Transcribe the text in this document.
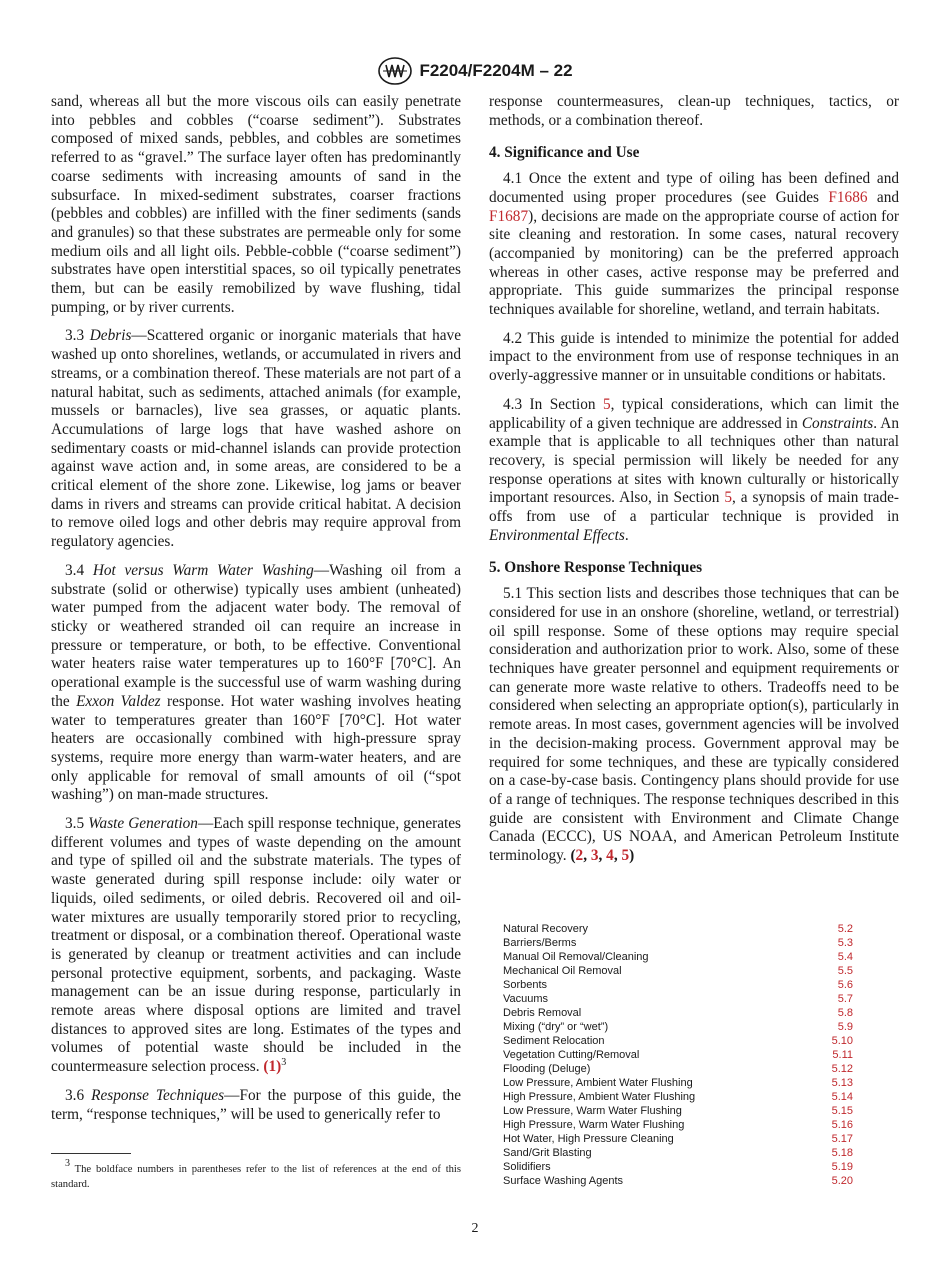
F2204/F2204M – 22

sand, whereas all but the more viscous oils can easily penetrate into pebbles and cobbles (“coarse sediment”). Substrates composed of mixed sands, pebbles, and cobbles are sometimes referred to as “gravel.” The surface layer often has predominantly coarse sediments with increasing amounts of sand in the subsurface. In mixed-sediment substrates, coarser fractions (pebbles and cobbles) are infilled with the finer sediments (sands and granules) so that these substrates are permeable only for some medium oils and all light oils. Pebble-cobble (“coarse sediment”) substrates have open interstitial spaces, so oil typically penetrates them, but can be easily remobilized by wave flushing, tidal pumping, or by river currents.

3.3 Debris—Scattered organic or inorganic materials that have washed up onto shorelines, wetlands, or accumulated in rivers and streams, or a combination thereof. These materials are not part of a natural habitat, such as sediments, attached animals (for example, mussels or barnacles), live sea grasses, or aquatic plants. Accumulations of large logs that have washed ashore on sedimentary coasts or mid-channel islands can provide protection against wave action and, in some areas, are considered to be a critical element of the shore zone. Likewise, log jams or beaver dams in rivers and streams can provide critical habitat. A decision to remove oiled logs and other debris may require approval from regulatory agencies.

3.4 Hot versus Warm Water Washing—Washing oil from a substrate (solid or otherwise) typically uses ambient (unheated) water pumped from the adjacent water body. The removal of sticky or weathered stranded oil can require an increase in pressure or temperature, or both, to be effective. Conventional water heaters raise water temperatures up to 160°F [70°C]. An operational example is the successful use of warm washing during the Exxon Valdez response. Hot water washing involves heating water to temperatures greater than 160°F [70°C]. Hot water heaters are occasionally combined with high-pressure spray systems, require more energy than warm-water heaters, and are only applicable for removal of small amounts of oil (“spot washing”) on man-made structures.

3.5 Waste Generation—Each spill response technique, generates different volumes and types of waste depending on the amount and type of spilled oil and the substrate materials. The types of waste generated during spill response include: oily water or liquids, oiled sediments, or oiled debris. Recovered oil and oil-water mixtures are usually temporarily stored prior to recycling, treatment or disposal, or a combination thereof. Operational waste is generated by cleanup or treatment activities and can include personal protective equipment, sorbents, and packaging. Waste management can be an issue during response, particularly in remote areas where disposal options are limited and travel distances to approved sites are long. Estimates of the types and volumes of potential waste should be included in the countermeasure selection process. $(1)^3$

3.6 Response Techniques—For the purpose of this guide, the term, “response techniques,” will be used to generically refer to

response countermeasures, clean-up techniques, tactics, or methods, or a combination thereof.

4. Significance and Use

4.1 Once the extent and type of oiling has been defined and documented using proper procedures (see Guides F1686 and F1687), decisions are made on the appropriate course of action for site cleaning and restoration. In some cases, natural recovery (accompanied by monitoring) can be the preferred approach whereas in other cases, active response may be preferred and appropriate. This guide summarizes the principal response techniques available for shoreline, wetland, and terrain habitats.

4.2 This guide is intended to minimize the potential for added impact to the environment from use of response techniques in an overly-aggressive manner or in unsuitable conditions or habitats.

4.3 In Section 5, typical considerations, which can limit the applicability of a given technique are addressed in Constraints. An example that is applicable to all techniques other than natural recovery, is special permission will likely be needed for any response operations at sites with known culturally or historically important resources. Also, in Section 5, a synopsis of main trade-offs from use of a particular technique is provided in Environmental Effects.

5. Onshore Response Techniques

5.1 This section lists and describes those techniques that can be considered for use in an onshore (shoreline, wetland, or terrestrial) oil spill response. Some of these options may require special consideration and authorization prior to work. Also, some of these techniques have greater personnel and equipment requirements or can generate more waste relative to others. Tradeoffs need to be considered when selecting an appropriate option(s), particularly in remote areas. In most cases, government agencies will be involved in the decision-making process. Government approval may be required for some techniques, and these are typically considered on a case-by-case basis. Contingency plans should provide for use of a range of techniques. The response techniques described in this guide are consistent with Environment and Climate Change Canada (ECCC), US NOAA, and American Petroleum Institute terminology. (2, 3, 4, 5)

Natural Recovery	5.2
Barriers/Berms	5.3
Manual Oil Removal/Cleaning	5.4
Mechanical Oil Removal	5.5
Sorbents	5.6
Vacuums	5.7
Debris Removal	5.8
Mixing (“dry” or “wet”)	5.9
Sediment Relocation	5.10
Vegetation Cutting/Removal	5.11
Flooding (Deluge)	5.12
Low Pressure, Ambient Water Flushing	5.13
High Pressure, Ambient Water Flushing	5.14
Low Pressure, Warm Water Flushing	5.15
High Pressure, Warm Water Flushing	5.16
Hot Water, High Pressure Cleaning	5.17
Sand/Grit Blasting	5.18
Solidifiers	5.19
Surface Washing Agents	5.20

$^3$ The boldface numbers in parentheses refer to the list of references at the end of this standard.

2
